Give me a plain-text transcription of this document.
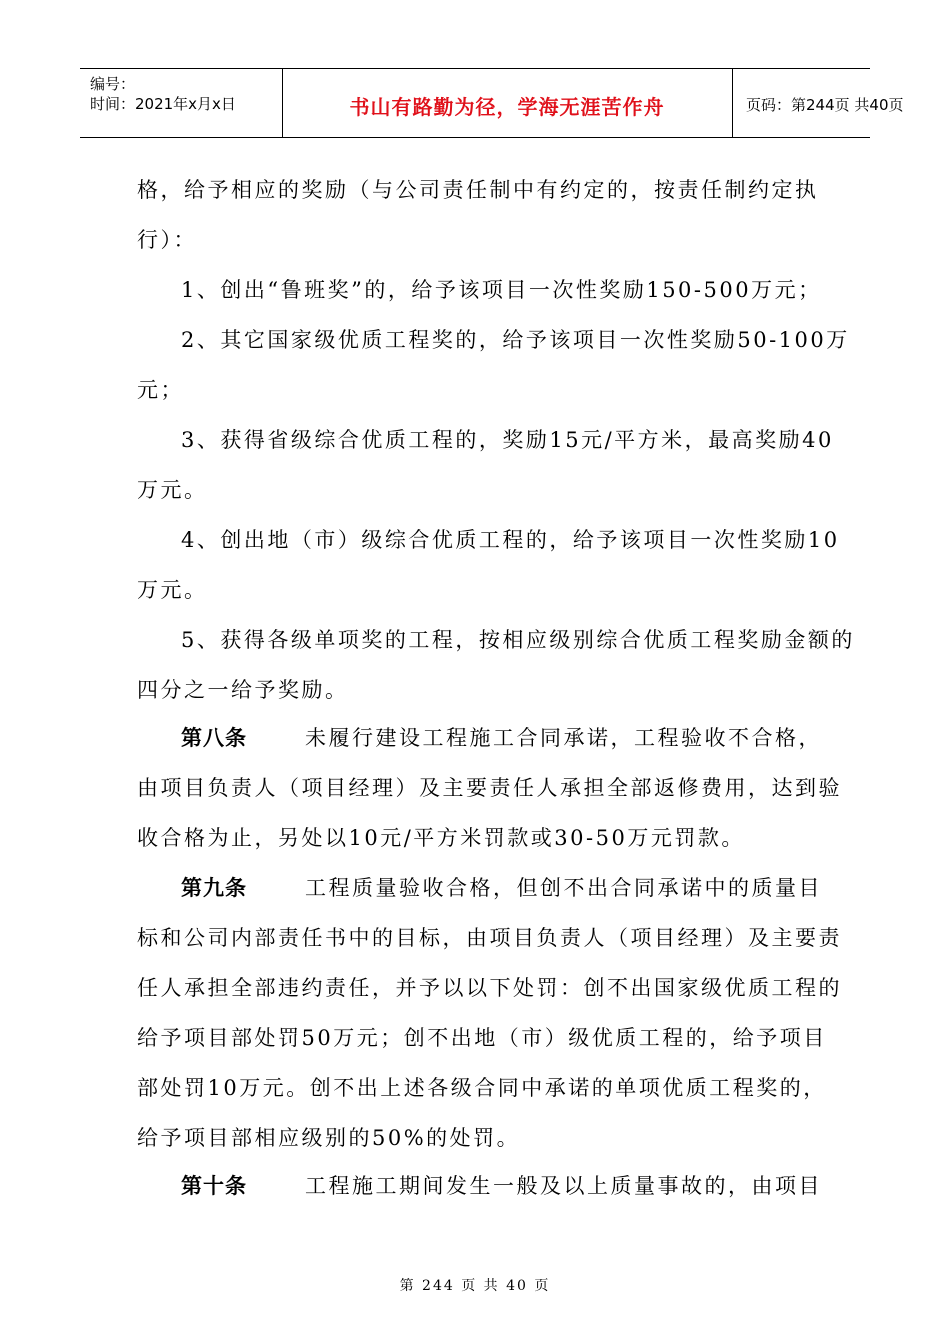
编号：
时间：2021年x月x日	书山有路勤为径，学海无涯苦作舟	页码：第244页 共40页
格，给予相应的奖励（与公司责任制中有约定的，按责任制约定执
行）：
1、创出“鲁班奖”的，给予该项目一次性奖励150-500万元；
2、其它国家级优质工程奖的，给予该项目一次性奖励50-100万
元；
3、获得省级综合优质工程的，奖励15元/平方米，最高奖励40
万元。
4、创出地（市）级综合优质工程的，给予该项目一次性奖励10
万元。
5、获得各级单项奖的工程，按相应级别综合优质工程奖励金额的
四分之一给予奖励。
第八条	未履行建设工程施工合同承诺，工程验收不合格，
由项目负责人（项目经理）及主要责任人承担全部返修费用，达到验
收合格为止，另处以10元/平方米罚款或30-50万元罚款。
第九条	工程质量验收合格，但创不出合同承诺中的质量目
标和公司内部责任书中的目标，由项目负责人（项目经理）及主要责
任人承担全部违约责任，并予以以下处罚：创不出国家级优质工程的
给予项目部处罚50万元；创不出地（市）级优质工程的，给予项目
部处罚10万元。创不出上述各级合同中承诺的单项优质工程奖的，
给予项目部相应级别的50%的处罚。
第十条	工程施工期间发生一般及以上质量事故的，由项目
第 244 页 共 40 页
